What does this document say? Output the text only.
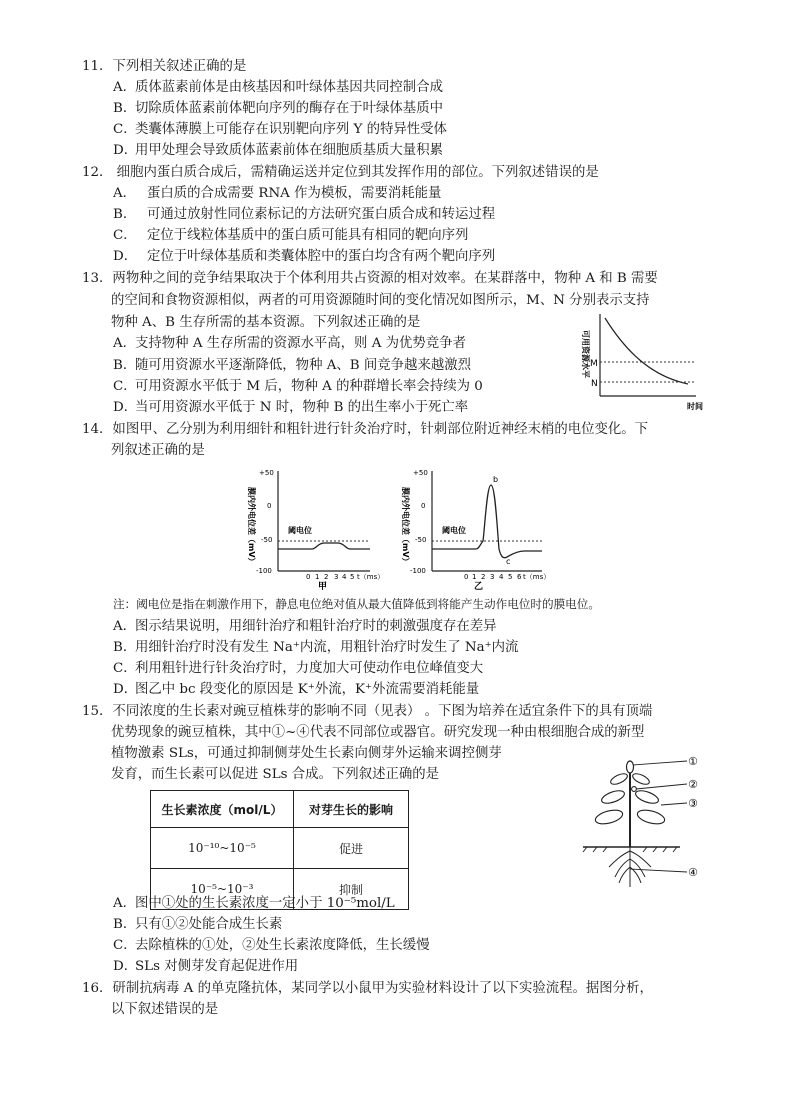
11．下列相关叙述正确的是
A．质体蓝素前体是由核基因和叶绿体基因共同控制合成
B．切除质体蓝素前体靶向序列的酶存在于叶绿体基质中
C．类囊体薄膜上可能存在识别靶向序列 Y 的特异性受体
D．用甲处理会导致质体蓝素前体在细胞质基质大量积累
12． 细胞内蛋白质合成后，需精确运送并定位到其发挥作用的部位。下列叙述错误的是
A． 蛋白质的合成需要 RNA 作为模板，需要消耗能量
B． 可通过放射性同位素标记的方法研究蛋白质合成和转运过程
C． 定位于线粒体基质中的蛋白质可能具有相同的靶向序列
D． 定位于叶绿体基质和类囊体腔中的蛋白均含有两个靶向序列
13．两物种之间的竞争结果取决于个体利用共占资源的相对效率。在某群落中，物种 A 和 B 需要
的空间和食物资源相似，两者的可用资源随时间的变化情况如图所示，M、N 分别表示支持
物种 A、B 生存所需的基本资源。下列叙述正确的是
A．支持物种 A 生存所需的资源水平高，则 A 为优势竞争者
B．随可用资源水平逐渐降低，物种 A、B 间竞争越来越激烈
C．可用资源水平低于 M 后，物种 A 的种群增长率会持续为 0
D．当可用资源水平低于 N 时，物种 B 的出生率小于死亡率
可用资源水平 M
N
时间
14．如图甲、乙分别为利用细针和粗针进行针灸治疗时，针刺部位附近神经末梢的电位变化。下
列叙述正确的是
膜内外电位差（mV）
+50
0
-50
-100
阈电位
0 1 2 3 4 5 t（ms）
甲
膜内外电位差（mV）
+50
0
-50
-100
阈电位
b
c
0 1 2 3 4 5 6 t（ms）
乙
注：阈电位是指在刺激作用下，静息电位绝对值从最大值降低到将能产生动作电位时的膜电位。
A．图示结果说明，用细针治疗和粗针治疗时的刺激强度存在差异
B．用细针治疗时没有发生 Na⁺内流，用粗针治疗时发生了 Na⁺内流
C．利用粗针进行针灸治疗时，力度加大可使动作电位峰值变大
D．图乙中 bc 段变化的原因是 K⁺外流，K⁺外流需要消耗能量
15．不同浓度的生长素对豌豆植株芽的影响不同（见表） 。下图为培养在适宜条件下的具有顶端
优势现象的豌豆植株，其中①~④代表不同部位或器官。研究发现一种由根细胞合成的新型
植物激素 SLs，可通过抑制侧芽处生长素向侧芽外运输来调控侧芽
发育，而生长素可以促进 SLs 合成。下列叙述正确的是
生长素浓度（mol/L）	对芽生长的影响
10⁻¹⁰~10⁻⁵	促进
10⁻⁵~10⁻³	抑制
①
②
③
④
A．图中①处的生长素浓度一定小于 10⁻⁵mol/L
B．只有①②处能合成生长素
C．去除植株的①处，②处生长素浓度降低，生长缓慢
D．SLs 对侧芽发育起促进作用
16．研制抗病毒 A 的单克隆抗体，某同学以小鼠甲为实验材料设计了以下实验流程。据图分析，
以下叙述错误的是
